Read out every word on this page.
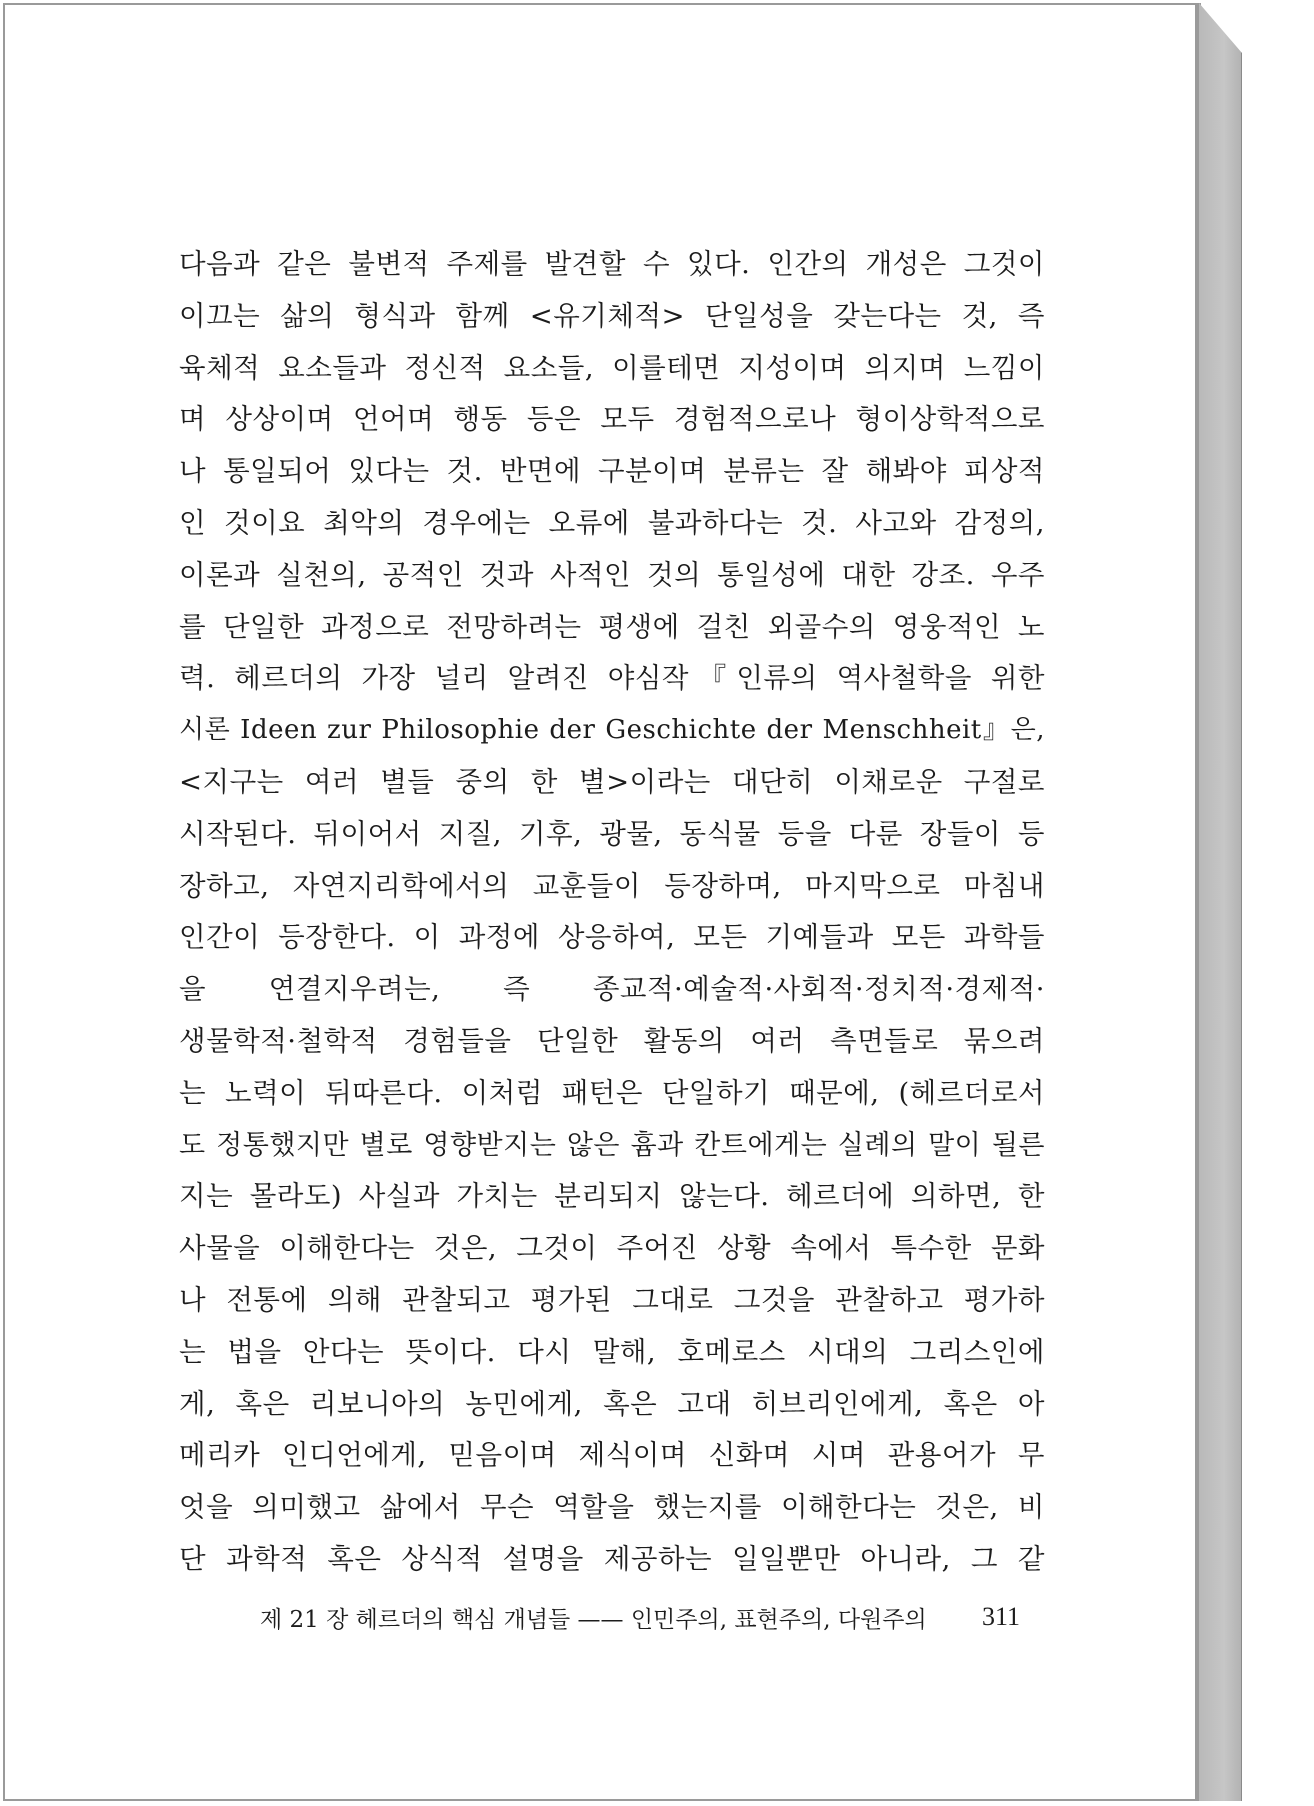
다음과 같은 불변적 주제를 발견할 수 있다. 인간의 개성은 그것이
이끄는 삶의 형식과 함께 <유기체적> 단일성을 갖는다는 것, 즉
육체적 요소들과 정신적 요소들, 이를테면 지성이며 의지며 느낌이
며 상상이며 언어며 행동 등은 모두 경험적으로나 형이상학적으로
나 통일되어 있다는 것. 반면에 구분이며 분류는 잘 해봐야 피상적
인 것이요 최악의 경우에는 오류에 불과하다는 것. 사고와 감정의,
이론과 실천의, 공적인 것과 사적인 것의 통일성에 대한 강조. 우주
를 단일한 과정으로 전망하려는 평생에 걸친 외골수의 영웅적인 노
력. 헤르더의 가장 널리 알려진 야심작『인류의 역사철학을 위한
시론 Ideen zur Philosophie der Geschichte der Menschheit』은,
<지구는 여러 별들 중의 한 별>이라는 대단히 이채로운 구절로
시작된다. 뒤이어서 지질, 기후, 광물, 동식물 등을 다룬 장들이 등
장하고, 자연지리학에서의 교훈들이 등장하며, 마지막으로 마침내
인간이 등장한다. 이 과정에 상응하여, 모든 기예들과 모든 과학들
을 연결지우려는, 즉 종교적·예술적·사회적·정치적·경제적·
생물학적·철학적 경험들을 단일한 활동의 여러 측면들로 묶으려
는 노력이 뒤따른다. 이처럼 패턴은 단일하기 때문에, (헤르더로서
도 정통했지만 별로 영향받지는 않은 흄과 칸트에게는 실례의 말이 될른
지는 몰라도) 사실과 가치는 분리되지 않는다. 헤르더에 의하면, 한
사물을 이해한다는 것은, 그것이 주어진 상황 속에서 특수한 문화
나 전통에 의해 관찰되고 평가된 그대로 그것을 관찰하고 평가하
는 법을 안다는 뜻이다. 다시 말해, 호메로스 시대의 그리스인에
게, 혹은 리보니아의 농민에게, 혹은 고대 히브리인에게, 혹은 아
메리카 인디언에게, 믿음이며 제식이며 신화며 시며 관용어가 무
엇을 의미했고 삶에서 무슨 역할을 했는지를 이해한다는 것은, 비
단 과학적 혹은 상식적 설명을 제공하는 일일뿐만 아니라, 그 같
제 21 장 헤르더의 핵심 개념들 —— 인민주의, 표현주의, 다원주의	311
